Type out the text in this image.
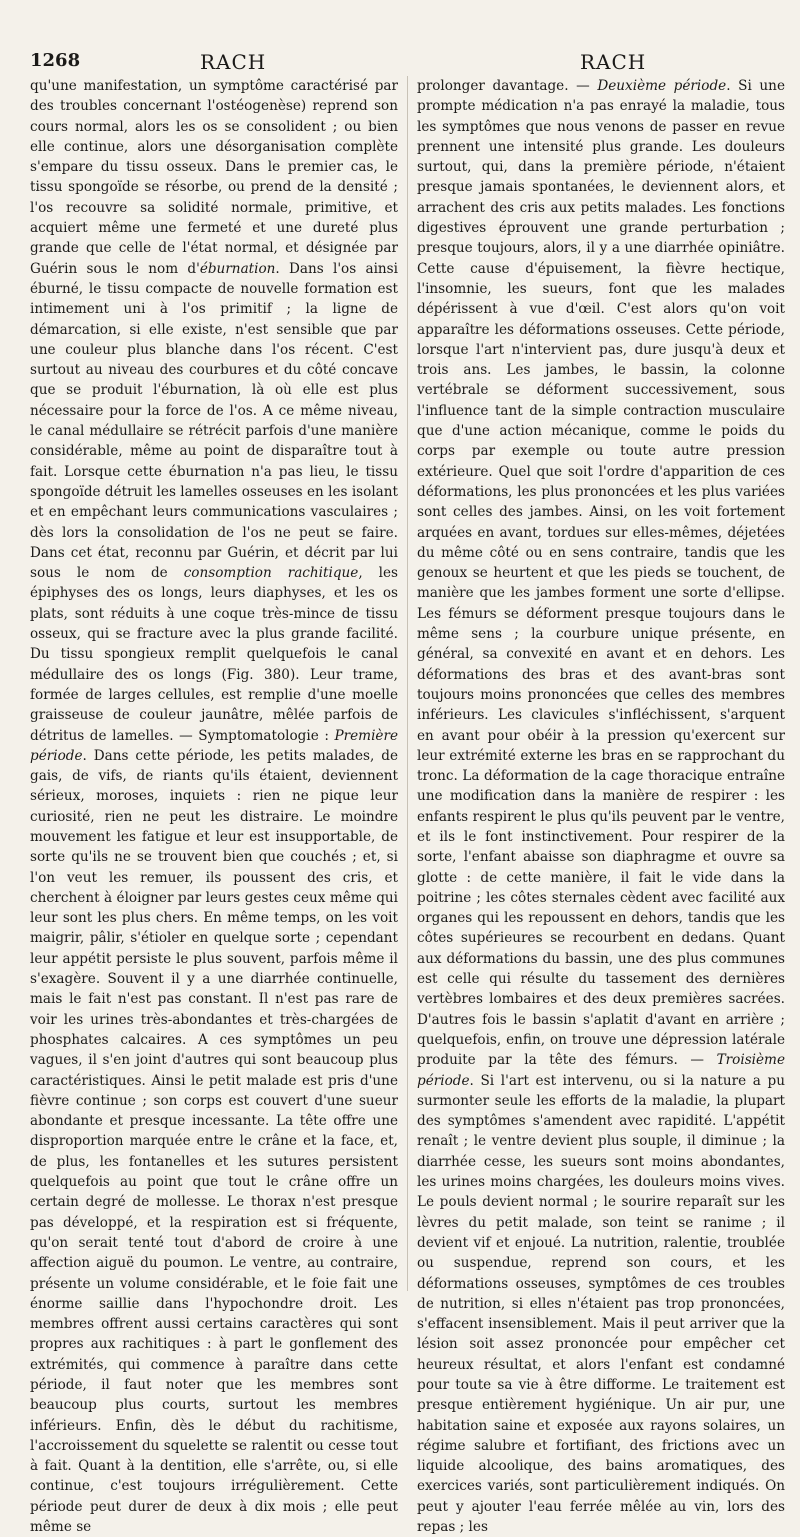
1268	RACH	RACH

qu'une manifestation, un symptôme caractérisé par des troubles concernant l'ostéogenèse) reprend son cours normal, alors les os se consolident ; ou bien elle continue, alors une désorganisation complète s'empare du tissu osseux. Dans le premier cas, le tissu spongoïde se résorbe, ou prend de la densité ; l'os recouvre sa solidité normale, primitive, et acquiert même une fermeté et une dureté plus grande que celle de l'état normal, et désignée par Guérin sous le nom d'éburnation. Dans l'os ainsi éburné, le tissu compacte de nouvelle formation est intimement uni à l'os primitif ; la ligne de démarcation, si elle existe, n'est sensible que par une couleur plus blanche dans l'os récent. C'est surtout au niveau des courbures et du côté concave que se produit l'éburnation, là où elle est plus nécessaire pour la force de l'os. A ce même niveau, le canal médullaire se rétrécit parfois d'une manière considérable, même au point de disparaître tout à fait. Lorsque cette éburnation n'a pas lieu, le tissu spongoïde détruit les lamelles osseuses en les isolant et en empêchant leurs communications vasculaires ; dès lors la consolidation de l'os ne peut se faire. Dans cet état, reconnu par Guérin, et décrit par lui sous le nom de consomption rachitique, les épiphyses des os longs, leurs diaphyses, et les os plats, sont réduits à une coque très-mince de tissu osseux, qui se fracture avec la plus grande facilité. Du tissu spongieux remplit quelquefois le canal médullaire des os longs (Fig. 380). Leur trame, formée de larges cellules, est remplie d'une moelle graisseuse de couleur jaunâtre, mêlée parfois de détritus de lamelles. — Symptomatologie : Première période. Dans cette période, les petits malades, de gais, de vifs, de riants qu'ils étaient, deviennent sérieux, moroses, inquiets : rien ne pique leur curiosité, rien ne peut les distraire. Le moindre mouvement les fatigue et leur est insupportable, de sorte qu'ils ne se trouvent bien que couchés ; et, si l'on veut les remuer, ils poussent des cris, et cherchent à éloigner par leurs gestes ceux même qui leur sont les plus chers. En même temps, on les voit maigrir, pâlir, s'étioler en quelque sorte ; cependant leur appétit persiste le plus souvent, parfois même il s'exagère. Souvent il y a une diarrhée continuelle, mais le fait n'est pas constant. Il n'est pas rare de voir les urines très-abondantes et très-chargées de phosphates calcaires. A ces symptômes un peu vagues, il s'en joint d'autres qui sont beaucoup plus caractéristiques. Ainsi le petit malade est pris d'une fièvre continue ; son corps est couvert d'une sueur abondante et presque incessante. La tête offre une disproportion marquée entre le crâne et la face, et, de plus, les fontanelles et les sutures persistent quelquefois au point que tout le crâne offre un certain degré de mollesse. Le thorax n'est presque pas développé, et la respiration est si fréquente, qu'on serait tenté tout d'abord de croire à une affection aiguë du poumon. Le ventre, au contraire, présente un volume considérable, et le foie fait une énorme saillie dans l'hypochondre droit. Les membres offrent aussi certains caractères qui sont propres aux rachitiques : à part le gonflement des extrémités, qui commence à paraître dans cette période, il faut noter que les membres sont beaucoup plus courts, surtout les membres inférieurs. Enfin, dès le début du rachitisme, l'accroissement du squelette se ralentit ou cesse tout à fait. Quant à la dentition, elle s'arrête, ou, si elle continue, c'est toujours irrégulièrement. Cette période peut durer de deux à dix mois ; elle peut même se

prolonger davantage. — Deuxième période. Si une prompte médication n'a pas enrayé la maladie, tous les symptômes que nous venons de passer en revue prennent une intensité plus grande. Les douleurs surtout, qui, dans la première période, n'étaient presque jamais spontanées, le deviennent alors, et arrachent des cris aux petits malades. Les fonctions digestives éprouvent une grande perturbation ; presque toujours, alors, il y a une diarrhée opiniâtre. Cette cause d'épuisement, la fièvre hectique, l'insomnie, les sueurs, font que les malades dépérissent à vue d'œil. C'est alors qu'on voit apparaître les déformations osseuses. Cette période, lorsque l'art n'intervient pas, dure jusqu'à deux et trois ans. Les jambes, le bassin, la colonne vertébrale se déforment successivement, sous l'influence tant de la simple contraction musculaire que d'une action mécanique, comme le poids du corps par exemple ou toute autre pression extérieure. Quel que soit l'ordre d'apparition de ces déformations, les plus prononcées et les plus variées sont celles des jambes. Ainsi, on les voit fortement arquées en avant, tordues sur elles-mêmes, déjetées du même côté ou en sens contraire, tandis que les genoux se heurtent et que les pieds se touchent, de manière que les jambes forment une sorte d'ellipse. Les fémurs se déforment presque toujours dans le même sens ; la courbure unique présente, en général, sa convexité en avant et en dehors. Les déformations des bras et des avant-bras sont toujours moins prononcées que celles des membres inférieurs. Les clavicules s'infléchissent, s'arquent en avant pour obéir à la pression qu'exercent sur leur extrémité externe les bras en se rapprochant du tronc. La déformation de la cage thoracique entraîne une modification dans la manière de respirer : les enfants respirent le plus qu'ils peuvent par le ventre, et ils le font instinctivement. Pour respirer de la sorte, l'enfant abaisse son diaphragme et ouvre sa glotte : de cette manière, il fait le vide dans la poitrine ; les côtes sternales cèdent avec facilité aux organes qui les repoussent en dehors, tandis que les côtes supérieures se recourbent en dedans. Quant aux déformations du bassin, une des plus communes est celle qui résulte du tassement des dernières vertèbres lombaires et des deux premières sacrées. D'autres fois le bassin s'aplatit d'avant en arrière ; quelquefois, enfin, on trouve une dépression latérale produite par la tête des fémurs. — Troisième période. Si l'art est intervenu, ou si la nature a pu surmonter seule les efforts de la maladie, la plupart des symptômes s'amendent avec rapidité. L'appétit renaît ; le ventre devient plus souple, il diminue ; la diarrhée cesse, les sueurs sont moins abondantes, les urines moins chargées, les douleurs moins vives. Le pouls devient normal ; le sourire reparaît sur les lèvres du petit malade, son teint se ranime ; il devient vif et enjoué. La nutrition, ralentie, troublée ou suspendue, reprend son cours, et les déformations osseuses, symptômes de ces troubles de nutrition, si elles n'étaient pas trop prononcées, s'effacent insensiblement. Mais il peut arriver que la lésion soit assez prononcée pour empêcher cet heureux résultat, et alors l'enfant est condamné pour toute sa vie à être difforme. Le traitement est presque entièrement hygiénique. Un air pur, une habitation saine et exposée aux rayons solaires, un régime salubre et fortifiant, des frictions avec un liquide alcoolique, des bains aromatiques, des exercices variés, sont particulièrement indiqués. On peut y ajouter l'eau ferrée mêlée au vin, lors des repas ; les
